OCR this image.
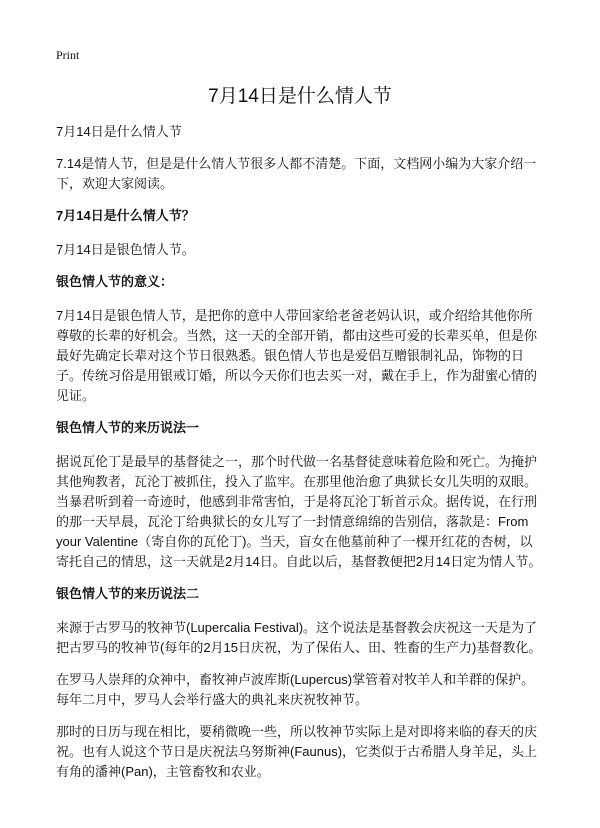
Print
7月14日是什么情人节

7月14日是什么情人节

7.14是情人节，但是是什么情人节很多人都不清楚。下面，文档网小编为大家介绍一下，欢迎大家阅读。

7月14日是什么情人节？

7月14日是银色情人节。

银色情人节的意义：

7月14日是银色情人节，是把你的意中人带回家给老爸老妈认识，或介绍给其他你所尊敬的长辈的好机会。当然，这一天的全部开销，都由这些可爱的长辈买单，但是你最好先确定长辈对这个节日很熟悉。银色情人节也是爱侣互赠银制礼品，饰物的日子。传统习俗是用银戒订婚，所以今天你们也去买一对，戴在手上，作为甜蜜心情的见证。

银色情人节的来历说法一

据说瓦伦丁是最早的基督徒之一，那个时代做一名基督徒意味着危险和死亡。为掩护其他殉教者，瓦沦丁被抓住，投入了监牢。在那里他治愈了典狱长女儿失明的双眼。当暴君听到着一奇迹时，他感到非常害怕，于是将瓦沦丁斩首示众。据传说，在行刑的那一天早晨，瓦沦丁给典狱长的女儿写了一封情意绵绵的告别信，落款是：From your Valentine（寄自你的瓦伦丁)。当天，盲女在他墓前种了一棵开红花的杏树，以寄托自己的情思，这一天就是2月14日。自此以后，基督教便把2月14日定为情人节。

银色情人节的来历说法二

来源于古罗马的牧神节(Lupercalia Festival)。这个说法是基督教会庆祝这一天是为了把古罗马的牧神节(每年的2月15日庆祝，为了保佑人、田、牲畜的生产力)基督教化。

在罗马人崇拜的众神中，畜牧神卢波库斯(Lupercus)掌管着对牧羊人和羊群的保护。每年二月中，罗马人会举行盛大的典礼来庆祝牧神节。

那时的日历与现在相比，要稍微晚一些，所以牧神节实际上是对即将来临的春天的庆祝。也有人说这个节日是庆祝法乌努斯神(Faunus)，它类似于古希腊人身羊足，头上有角的潘神(Pan)，主管畜牧和农业。
